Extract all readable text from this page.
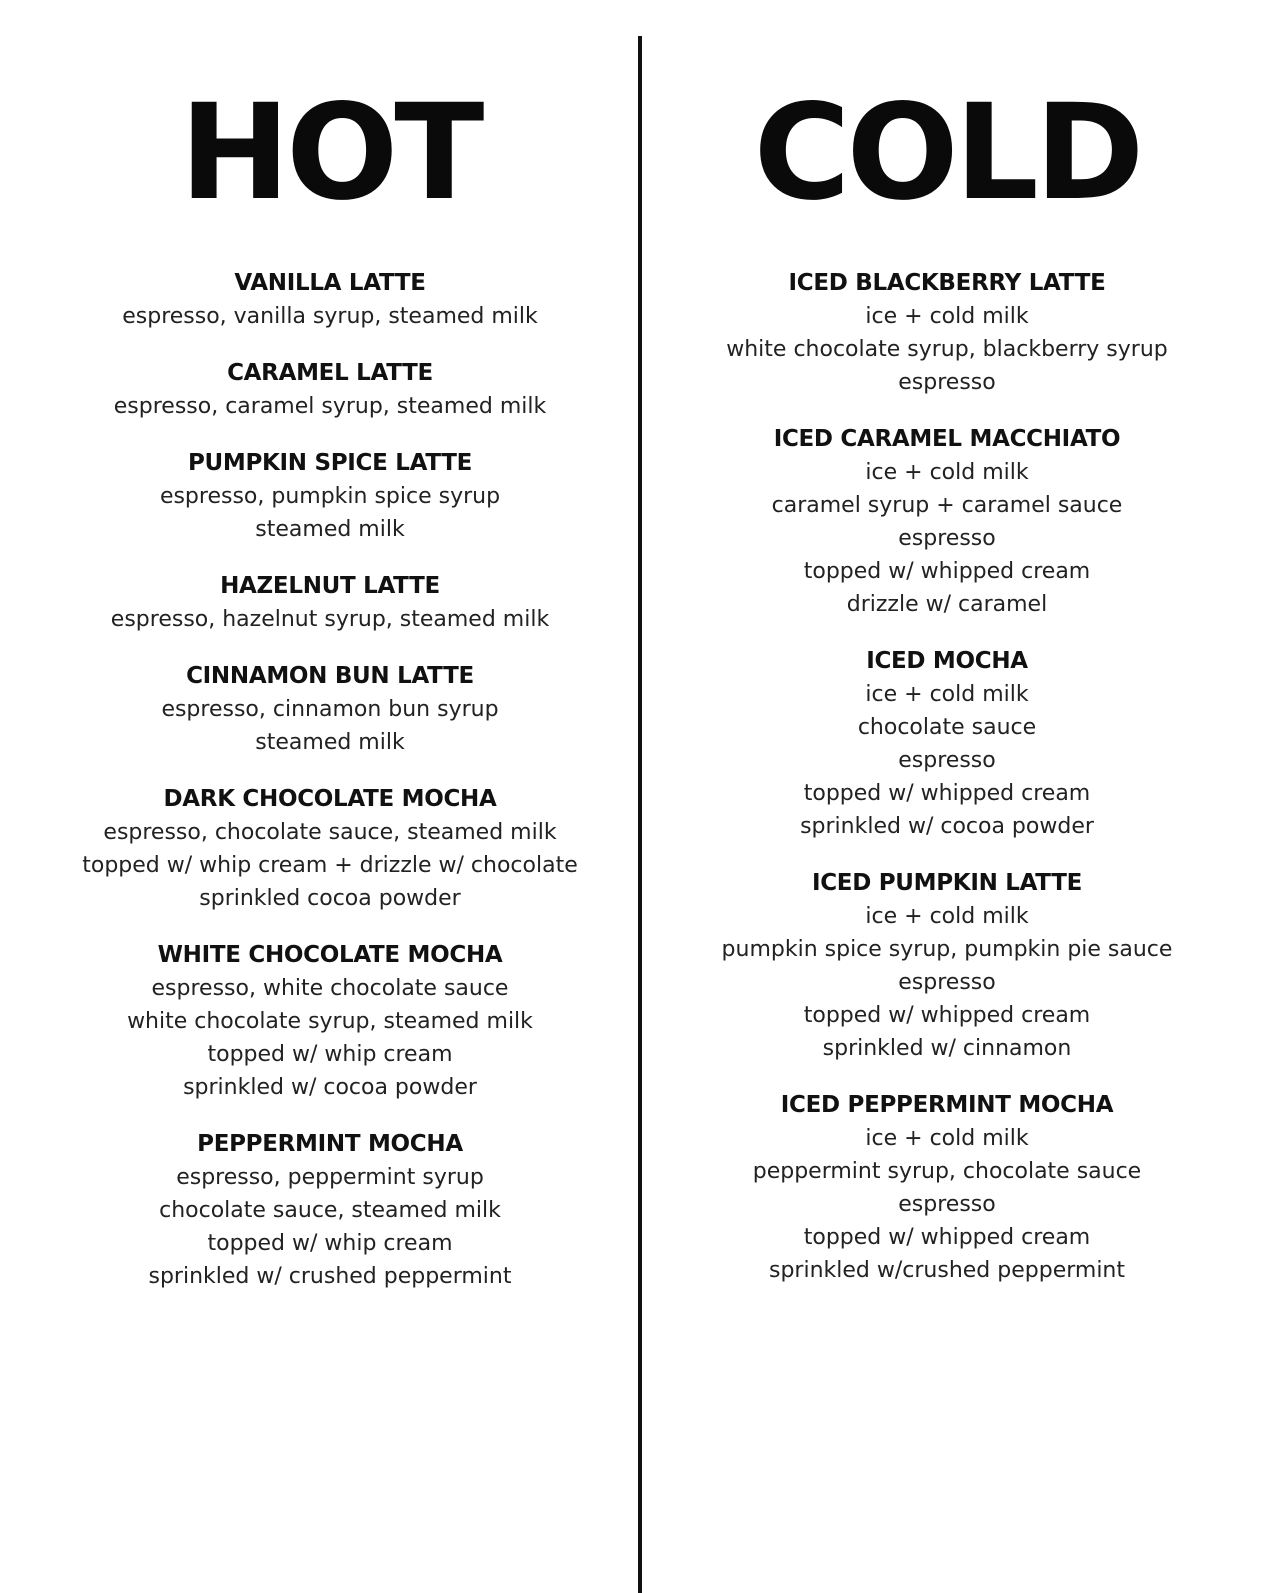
HOT
VANILLA LATTE
espresso, vanilla syrup, steamed milk
CARAMEL LATTE
espresso, caramel syrup, steamed milk
PUMPKIN SPICE LATTE
espresso, pumpkin spice syrup
steamed milk
HAZELNUT LATTE
espresso, hazelnut syrup, steamed milk
CINNAMON BUN LATTE
espresso, cinnamon bun syrup
steamed milk
DARK CHOCOLATE MOCHA
espresso, chocolate sauce, steamed milk
topped w/ whip cream + drizzle w/ chocolate
sprinkled cocoa powder
WHITE CHOCOLATE MOCHA
espresso, white chocolate sauce
white chocolate syrup, steamed milk
topped w/ whip cream
sprinkled w/ cocoa powder
PEPPERMINT MOCHA
espresso, peppermint syrup
chocolate sauce, steamed milk
topped w/ whip cream
sprinkled w/ crushed peppermint
COLD
ICED BLACKBERRY LATTE
ice + cold milk
white chocolate syrup, blackberry syrup
espresso
ICED CARAMEL MACCHIATO
ice + cold milk
caramel syrup + caramel sauce
espresso
topped w/ whipped cream
drizzle w/ caramel
ICED MOCHA
ice + cold milk
chocolate sauce
espresso
topped w/ whipped cream
sprinkled w/ cocoa powder
ICED PUMPKIN LATTE
ice + cold milk
pumpkin spice syrup, pumpkin pie sauce
espresso
topped w/ whipped cream
sprinkled w/ cinnamon
ICED PEPPERMINT MOCHA
ice + cold milk
peppermint syrup, chocolate sauce
espresso
topped w/ whipped cream
sprinkled w/crushed peppermint
